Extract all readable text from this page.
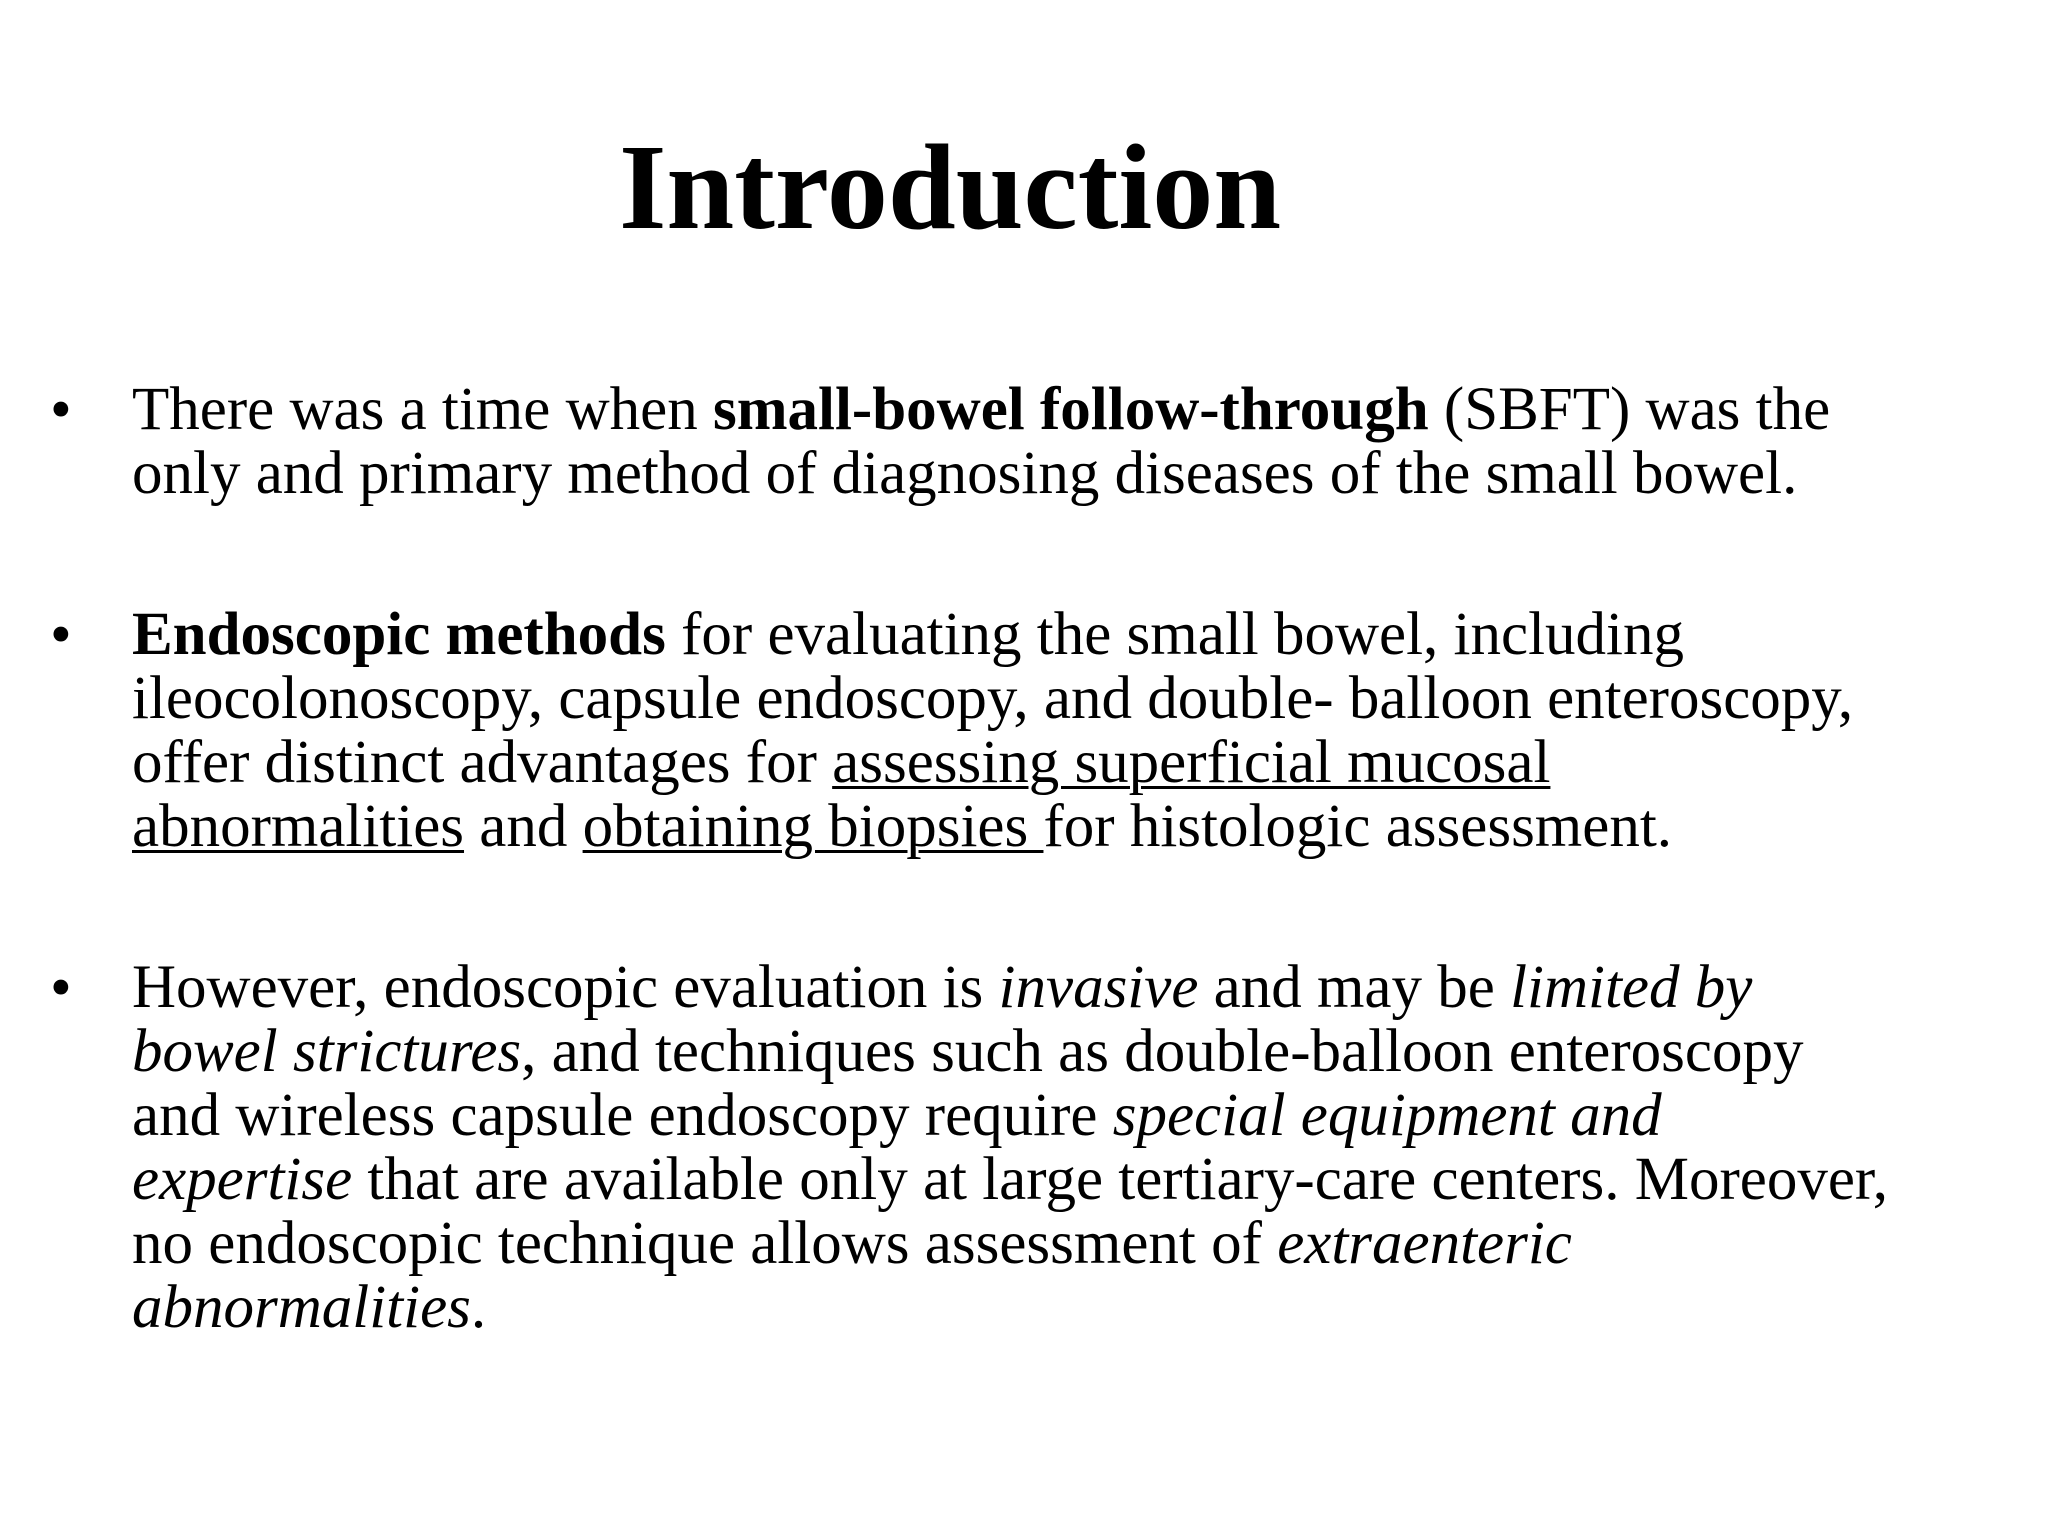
Introduction
• There was a time when small-bowel follow-through (SBFT) was the
only and primary method of diagnosing diseases of the small bowel.

• Endoscopic methods for evaluating the small bowel, including
ileocolonoscopy, capsule endoscopy, and double- balloon enteroscopy,
offer distinct advantages for assessing superficial mucosal
abnormalities and obtaining biopsies for histologic assessment.

• However, endoscopic evaluation is invasive and may be limited by
bowel strictures, and techniques such as double-balloon enteroscopy
and wireless capsule endoscopy require special equipment and
expertise that are available only at large tertiary-care centers. Moreover,
no endoscopic technique allows assessment of extraenteric
abnormalities.
